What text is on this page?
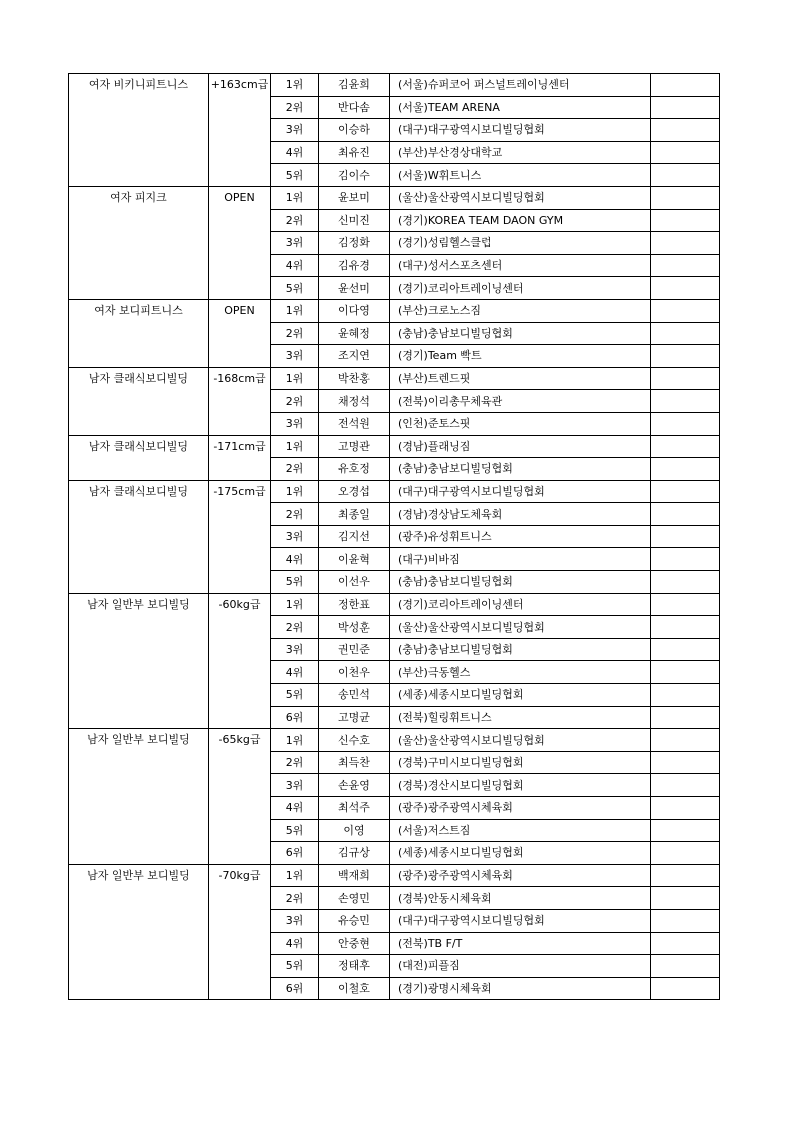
여자 비키니피트니스	+163cm급	1위	김윤희	(서울)슈퍼코어 퍼스널트레이닝센터	
		2위	반다솜	(서울)TEAM ARENA	
		3위	이승하	(대구)대구광역시보디빌딩협회	
		4위	최유진	(부산)부산경상대학교	
		5위	김이수	(서울)W휘트니스	
여자 피지크	OPEN	1위	윤보미	(울산)울산광역시보디빌딩협회	
		2위	신미진	(경기)KOREA TEAM DAON GYM	
		3위	김정화	(경기)성림헬스클럽	
		4위	김유경	(대구)성서스포츠센터	
		5위	윤선미	(경기)코리아트레이닝센터	
여자 보디피트니스	OPEN	1위	이다영	(부산)크로노스짐	
		2위	윤혜정	(충남)충남보디빌딩협회	
		3위	조지연	(경기)Team 빡트	
남자 클래식보디빌딩	-168cm급	1위	박찬홍	(부산)트렌드핏	
		2위	채정석	(전북)이리총무체육관	
		3위	전석원	(인천)준토스핏	
남자 클래식보디빌딩	-171cm급	1위	고명관	(경남)플래닝짐	
		2위	유호정	(충남)충남보디빌딩협회	
남자 클래식보디빌딩	-175cm급	1위	오경섭	(대구)대구광역시보디빌딩협회	
		2위	최종일	(경남)경상남도체육회	
		3위	김지선	(광주)유성휘트니스	
		4위	이윤혁	(대구)비바짐	
		5위	이선우	(충남)충남보디빌딩협회	
남자 일반부 보디빌딩	-60kg급	1위	정한표	(경기)코리아트레이닝센터	
		2위	박성훈	(울산)울산광역시보디빌딩협회	
		3위	권민준	(충남)충남보디빌딩협회	
		4위	이천우	(부산)극동헬스	
		5위	송민석	(세종)세종시보디빌딩협회	
		6위	고명균	(전북)힐링휘트니스	
남자 일반부 보디빌딩	-65kg급	1위	신수호	(울산)울산광역시보디빌딩협회	
		2위	최득찬	(경북)구미시보디빌딩협회	
		3위	손윤영	(경북)경산시보디빌딩협회	
		4위	최석주	(광주)광주광역시체육회	
		5위	이영	(서울)저스트짐	
		6위	김규상	(세종)세종시보디빌딩협회	
남자 일반부 보디빌딩	-70kg급	1위	백재희	(광주)광주광역시체육회	
		2위	손영민	(경북)안동시체육회	
		3위	유승민	(대구)대구광역시보디빌딩협회	
		4위	안중현	(전북)TB F/T	
		5위	정태후	(대전)피플짐	
		6위	이철호	(경기)광명시체육회	
